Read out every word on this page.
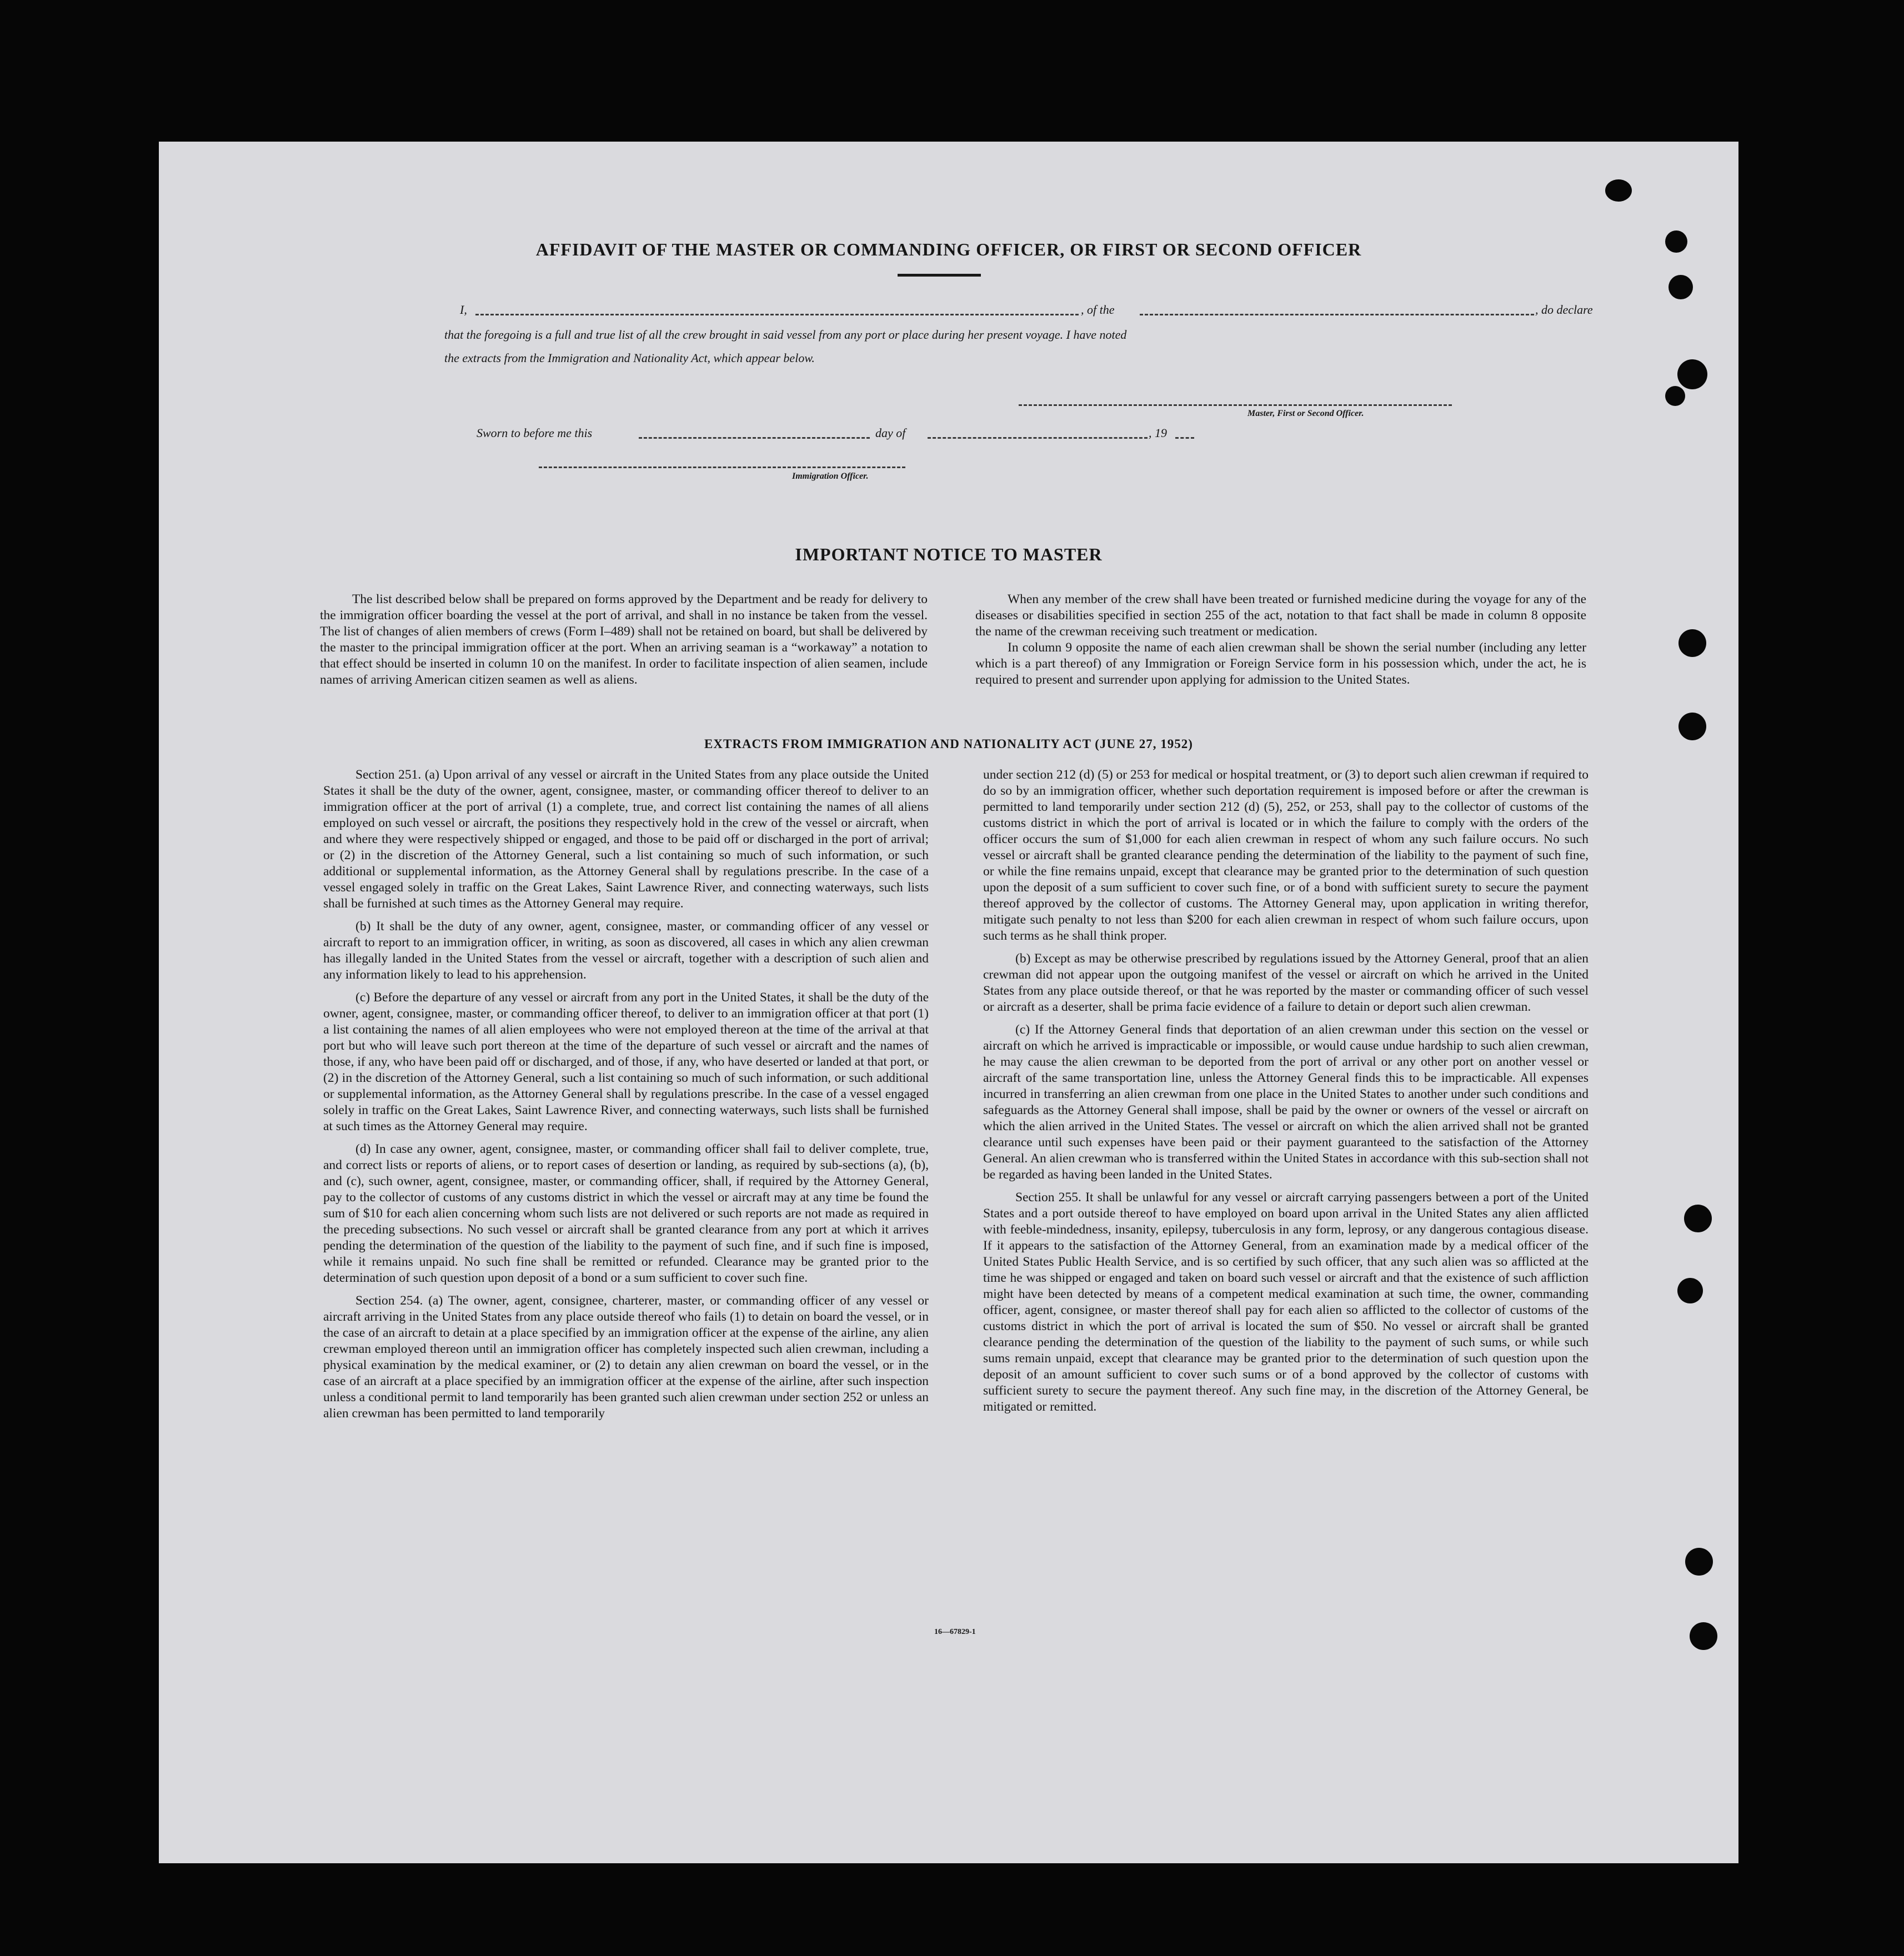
AFFIDAVIT OF THE MASTER OR COMMANDING OFFICER, OR FIRST OR SECOND OFFICER
I,	, of the	, do declare
that the foregoing is a full and true list of all the crew brought in said vessel from any port or place during her present voyage. I have noted
the extracts from the Immigration and Nationality Act, which appear below.
Master, First or Second Officer.
Sworn to before me this	day of	, 19
Immigration Officer.
IMPORTANT NOTICE TO MASTER

The list described below shall be prepared on forms approved by the Department and be ready for delivery to the immigration officer boarding the vessel at the port of arrival, and shall in no instance be taken from the vessel. The list of changes of alien members of crews (Form I–489) shall not be retained on board, but shall be delivered by the master to the principal immigration officer at the port. When an arriving seaman is a “workaway” a notation to that effect should be inserted in column 10 on the manifest. In order to facilitate inspection of alien seamen, include names of arriving American citizen seamen as well as aliens.

When any member of the crew shall have been treated or furnished medicine during the voyage for any of the diseases or disabilities specified in section 255 of the act, notation to that fact shall be made in column 8 opposite the name of the crewman receiving such treatment or medication.

In column 9 opposite the name of each alien crewman shall be shown the serial number (including any letter which is a part thereof) of any Immigration or Foreign Service form in his possession which, under the act, he is required to present and surrender upon applying for admission to the United States.

EXTRACTS FROM IMMIGRATION AND NATIONALITY ACT (JUNE 27, 1952)

Section 251. (a) Upon arrival of any vessel or aircraft in the United States from any place outside the United States it shall be the duty of the owner, agent, consignee, master, or commanding officer thereof to deliver to an immigration officer at the port of arrival (1) a complete, true, and correct list containing the names of all aliens employed on such vessel or aircraft, the positions they respectively hold in the crew of the vessel or aircraft, when and where they were respectively shipped or engaged, and those to be paid off or discharged in the port of arrival; or (2) in the discretion of the Attorney General, such a list containing so much of such information, or such additional or supplemental information, as the Attorney General shall by regulations prescribe. In the case of a vessel engaged solely in traffic on the Great Lakes, Saint Lawrence River, and connecting waterways, such lists shall be furnished at such times as the Attorney General may require.

(b) It shall be the duty of any owner, agent, consignee, master, or commanding officer of any vessel or aircraft to report to an immigration officer, in writing, as soon as discovered, all cases in which any alien crewman has illegally landed in the United States from the vessel or aircraft, together with a description of such alien and any information likely to lead to his apprehension.

(c) Before the departure of any vessel or aircraft from any port in the United States, it shall be the duty of the owner, agent, consignee, master, or commanding officer thereof, to deliver to an immigration officer at that port (1) a list containing the names of all alien employees who were not employed thereon at the time of the arrival at that port but who will leave such port thereon at the time of the departure of such vessel or aircraft and the names of those, if any, who have been paid off or discharged, and of those, if any, who have deserted or landed at that port, or (2) in the discretion of the Attorney General, such a list containing so much of such information, or such additional or supplemental information, as the Attorney General shall by regulations prescribe. In the case of a vessel engaged solely in traffic on the Great Lakes, Saint Lawrence River, and connecting waterways, such lists shall be furnished at such times as the Attorney General may require.

(d) In case any owner, agent, consignee, master, or commanding officer shall fail to deliver complete, true, and correct lists or reports of aliens, or to report cases of desertion or landing, as required by sub-sections (a), (b), and (c), such owner, agent, consignee, master, or commanding officer, shall, if required by the Attorney General, pay to the collector of customs of any customs district in which the vessel or aircraft may at any time be found the sum of $10 for each alien concerning whom such lists are not delivered or such reports are not made as required in the preceding subsections. No such vessel or aircraft shall be granted clearance from any port at which it arrives pending the determination of the question of the liability to the payment of such fine, and if such fine is imposed, while it remains unpaid. No such fine shall be remitted or refunded. Clearance may be granted prior to the determination of such question upon deposit of a bond or a sum sufficient to cover such fine.

Section 254. (a) The owner, agent, consignee, charterer, master, or commanding officer of any vessel or aircraft arriving in the United States from any place outside thereof who fails (1) to detain on board the vessel, or in the case of an aircraft to detain at a place specified by an immigration officer at the expense of the airline, any alien crewman employed thereon until an immigration officer has completely inspected such alien crewman, including a physical examination by the medical examiner, or (2) to detain any alien crewman on board the vessel, or in the case of an aircraft at a place specified by an immigration officer at the expense of the airline, after such inspection unless a conditional permit to land temporarily has been granted such alien crewman under section 252 or unless an alien crewman has been permitted to land temporarily

under section 212 (d) (5) or 253 for medical or hospital treatment, or (3) to deport such alien crewman if required to do so by an immigration officer, whether such deportation requirement is imposed before or after the crewman is permitted to land temporarily under section 212 (d) (5), 252, or 253, shall pay to the collector of customs of the customs district in which the port of arrival is located or in which the failure to comply with the orders of the officer occurs the sum of $1,000 for each alien crewman in respect of whom any such failure occurs. No such vessel or aircraft shall be granted clearance pending the determination of the liability to the payment of such fine, or while the fine remains unpaid, except that clearance may be granted prior to the determination of such question upon the deposit of a sum sufficient to cover such fine, or of a bond with sufficient surety to secure the payment thereof approved by the collector of customs. The Attorney General may, upon application in writing therefor, mitigate such penalty to not less than $200 for each alien crewman in respect of whom such failure occurs, upon such terms as he shall think proper.

(b) Except as may be otherwise prescribed by regulations issued by the Attorney General, proof that an alien crewman did not appear upon the outgoing manifest of the vessel or aircraft on which he arrived in the United States from any place outside thereof, or that he was reported by the master or commanding officer of such vessel or aircraft as a deserter, shall be prima facie evidence of a failure to detain or deport such alien crewman.

(c) If the Attorney General finds that deportation of an alien crewman under this section on the vessel or aircraft on which he arrived is impracticable or impossible, or would cause undue hardship to such alien crewman, he may cause the alien crewman to be deported from the port of arrival or any other port on another vessel or aircraft of the same transportation line, unless the Attorney General finds this to be impracticable. All expenses incurred in transferring an alien crewman from one place in the United States to another under such conditions and safeguards as the Attorney General shall impose, shall be paid by the owner or owners of the vessel or aircraft on which the alien arrived in the United States. The vessel or aircraft on which the alien arrived shall not be granted clearance until such expenses have been paid or their payment guaranteed to the satisfaction of the Attorney General. An alien crewman who is transferred within the United States in accordance with this sub-section shall not be regarded as having been landed in the United States.

Section 255. It shall be unlawful for any vessel or aircraft carrying passengers between a port of the United States and a port outside thereof to have employed on board upon arrival in the United States any alien afflicted with feeble-mindedness, insanity, epilepsy, tuberculosis in any form, leprosy, or any dangerous contagious disease. If it appears to the satisfaction of the Attorney General, from an examination made by a medical officer of the United States Public Health Service, and is so certified by such officer, that any such alien was so afflicted at the time he was shipped or engaged and taken on board such vessel or aircraft and that the existence of such affliction might have been detected by means of a competent medical examination at such time, the owner, commanding officer, agent, consignee, or master thereof shall pay for each alien so afflicted to the collector of customs of the customs district in which the port of arrival is located the sum of $50. No vessel or aircraft shall be granted clearance pending the determination of the question of the liability to the payment of such sums, or while such sums remain unpaid, except that clearance may be granted prior to the determination of such question upon the deposit of an amount sufficient to cover such sums or of a bond approved by the collector of customs with sufficient surety to secure the payment thereof. Any such fine may, in the discretion of the Attorney General, be mitigated or remitted.

16—67829-1
